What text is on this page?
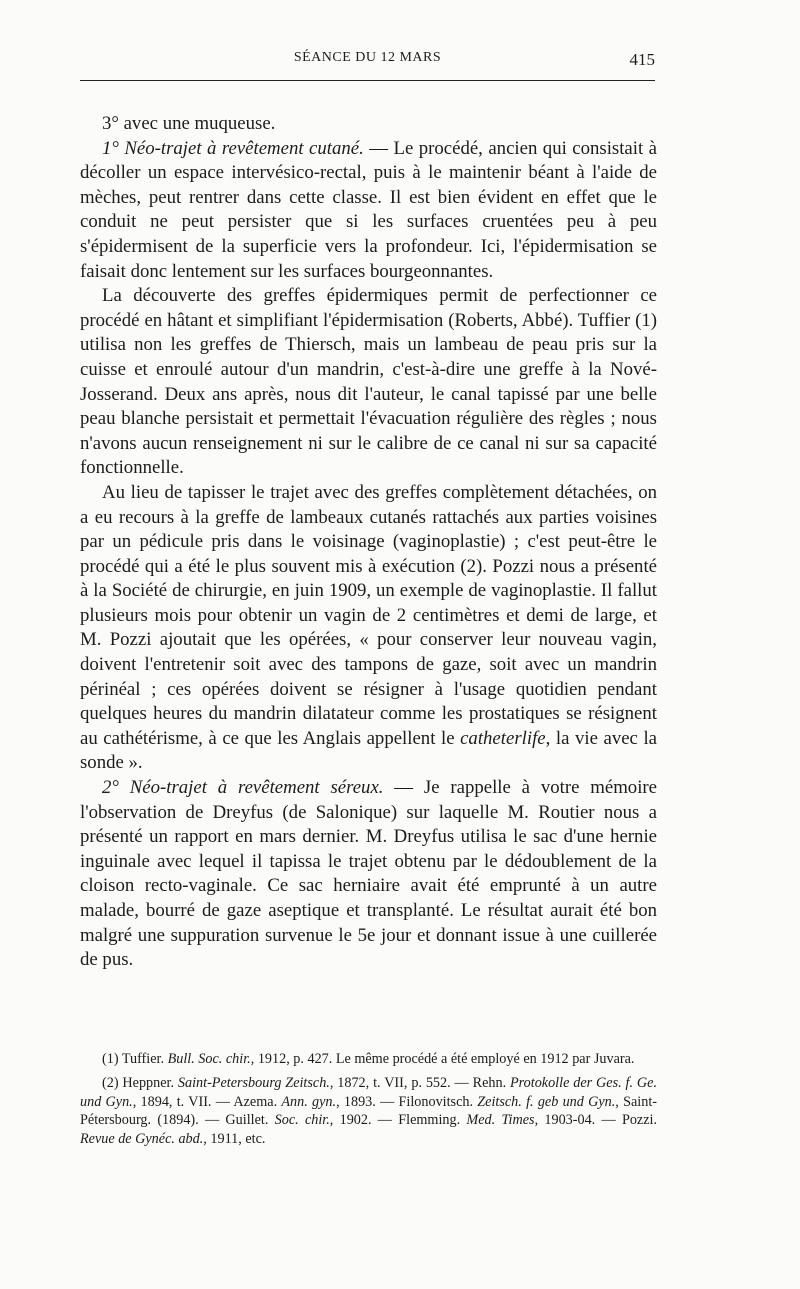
SÉANCE DU 12 MARS	415

3° avec une muqueuse.

1° Néo-trajet à revêtement cutané. — Le procédé, ancien qui consistait à décoller un espace intervésico-rectal, puis à le maintenir béant à l'aide de mèches, peut rentrer dans cette classe. Il est bien évident en effet que le conduit ne peut persister que si les surfaces cruentées peu à peu s'épidermisent de la superficie vers la profondeur. Ici, l'épidermisation se faisait donc lentement sur les surfaces bourgeonnantes.

La découverte des greffes épidermiques permit de perfectionner ce procédé en hâtant et simplifiant l'épidermisation (Roberts, Abbé). Tuffier (1) utilisa non les greffes de Thiersch, mais un lambeau de peau pris sur la cuisse et enroulé autour d'un mandrin, c'est-à-dire une greffe à la Nové-Josserand. Deux ans après, nous dit l'auteur, le canal tapissé par une belle peau blanche persistait et permettait l'évacuation régulière des règles ; nous n'avons aucun renseignement ni sur le calibre de ce canal ni sur sa capacité fonctionnelle.

Au lieu de tapisser le trajet avec des greffes complètement détachées, on a eu recours à la greffe de lambeaux cutanés rattachés aux parties voisines par un pédicule pris dans le voisinage (vaginoplastie) ; c'est peut-être le procédé qui a été le plus souvent mis à exécution (2). Pozzi nous a présenté à la Société de chirurgie, en juin 1909, un exemple de vaginoplastie. Il fallut plusieurs mois pour obtenir un vagin de 2 centimètres et demi de large, et M. Pozzi ajoutait que les opérées, « pour conserver leur nouveau vagin, doivent l'entretenir soit avec des tampons de gaze, soit avec un mandrin périnéal ; ces opérées doivent se résigner à l'usage quotidien pendant quelques heures du mandrin dilatateur comme les prostatiques se résignent au cathétérisme, à ce que les Anglais appellent le catheterlife, la vie avec la sonde ».

2° Néo-trajet à revêtement séreux. — Je rappelle à votre mémoire l'observation de Dreyfus (de Salonique) sur laquelle M. Routier nous a présenté un rapport en mars dernier. M. Dreyfus utilisa le sac d'une hernie inguinale avec lequel il tapissa le trajet obtenu par le dédoublement de la cloison recto-vaginale. Ce sac herniaire avait été emprunté à un autre malade, bourré de gaze aseptique et transplanté. Le résultat aurait été bon malgré une suppuration survenue le 5e jour et donnant issue à une cuillerée de pus.

(1) Tuffier. Bull. Soc. chir., 1912, p. 427. Le même procédé a été employé en 1912 par Juvara.

(2) Heppner. Saint-Petersbourg Zeitsch., 1872, t. VII, p. 552. — Rehn. Protokolle der Ges. f. Ge. und Gyn., 1894, t. VII. — Azema. Ann. gyn., 1893. — Filonovitsch. Zeitsch. f. geb und Gyn., Saint-Pétersbourg. (1894). — Guillet. Soc. chir., 1902. — Flemming. Med. Times, 1903-04. — Pozzi. Revue de Gynéc. abd., 1911, etc.
